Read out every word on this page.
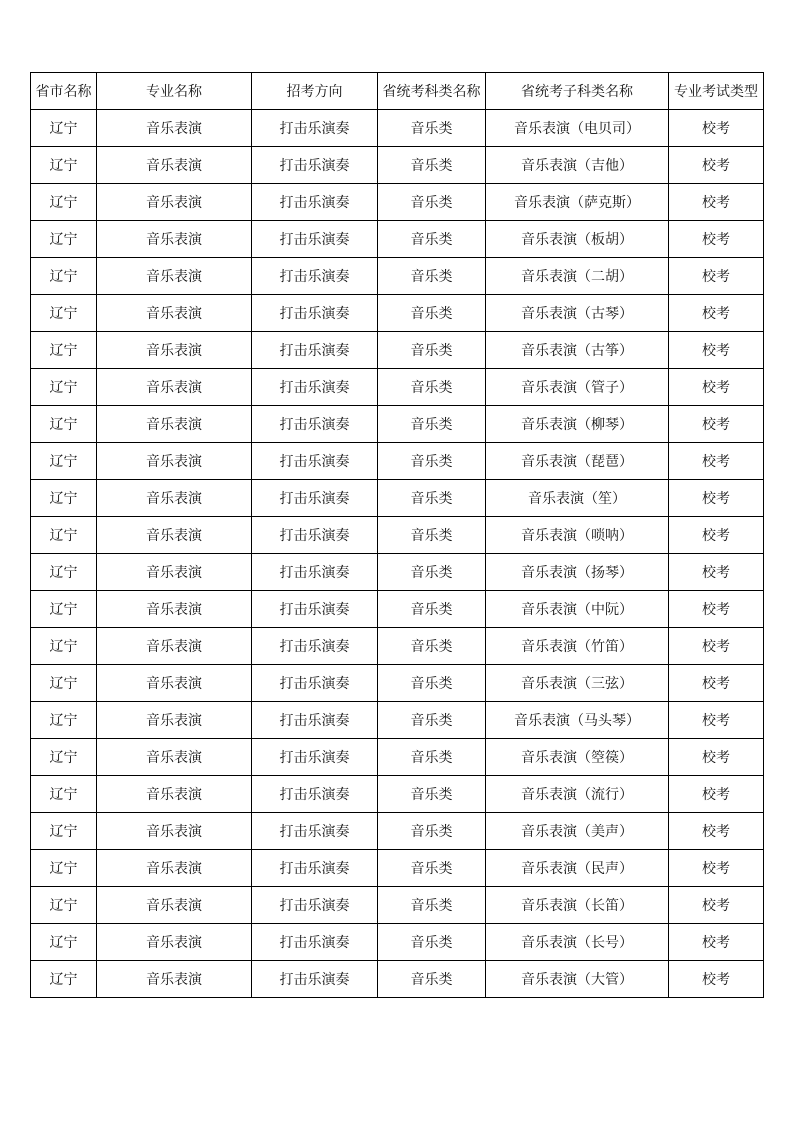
省市名称	专业名称	招考方向	省统考科类名称	省统考子科类名称	专业考试类型
辽宁	音乐表演	打击乐演奏	音乐类	音乐表演（电贝司）	校考
辽宁	音乐表演	打击乐演奏	音乐类	音乐表演（吉他）	校考
辽宁	音乐表演	打击乐演奏	音乐类	音乐表演（萨克斯）	校考
辽宁	音乐表演	打击乐演奏	音乐类	音乐表演（板胡）	校考
辽宁	音乐表演	打击乐演奏	音乐类	音乐表演（二胡）	校考
辽宁	音乐表演	打击乐演奏	音乐类	音乐表演（古琴）	校考
辽宁	音乐表演	打击乐演奏	音乐类	音乐表演（古筝）	校考
辽宁	音乐表演	打击乐演奏	音乐类	音乐表演（管子）	校考
辽宁	音乐表演	打击乐演奏	音乐类	音乐表演（柳琴）	校考
辽宁	音乐表演	打击乐演奏	音乐类	音乐表演（琵琶）	校考
辽宁	音乐表演	打击乐演奏	音乐类	音乐表演（笙）	校考
辽宁	音乐表演	打击乐演奏	音乐类	音乐表演（唢呐）	校考
辽宁	音乐表演	打击乐演奏	音乐类	音乐表演（扬琴）	校考
辽宁	音乐表演	打击乐演奏	音乐类	音乐表演（中阮）	校考
辽宁	音乐表演	打击乐演奏	音乐类	音乐表演（竹笛）	校考
辽宁	音乐表演	打击乐演奏	音乐类	音乐表演（三弦）	校考
辽宁	音乐表演	打击乐演奏	音乐类	音乐表演（马头琴）	校考
辽宁	音乐表演	打击乐演奏	音乐类	音乐表演（箜篌）	校考
辽宁	音乐表演	打击乐演奏	音乐类	音乐表演（流行）	校考
辽宁	音乐表演	打击乐演奏	音乐类	音乐表演（美声）	校考
辽宁	音乐表演	打击乐演奏	音乐类	音乐表演（民声）	校考
辽宁	音乐表演	打击乐演奏	音乐类	音乐表演（长笛）	校考
辽宁	音乐表演	打击乐演奏	音乐类	音乐表演（长号）	校考
辽宁	音乐表演	打击乐演奏	音乐类	音乐表演（大管）	校考
